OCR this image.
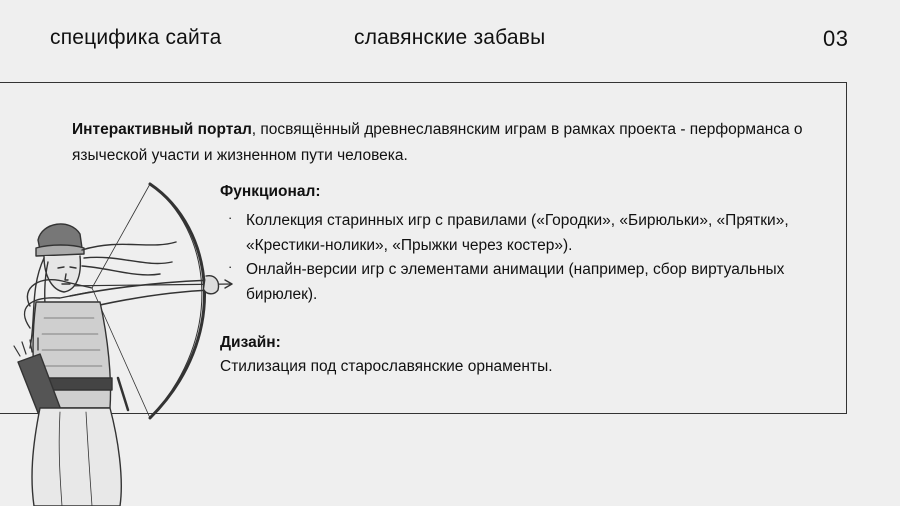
специфика сайта	славянские забавы	03
Интерактивный портал, посвящённый древнеславянским играм в рамках проекта - перформанса о языческой участи и жизненном пути человека.
Функционал:
· Коллекция старинных игр с правилами («Городки», «Бирюльки», «Прятки», «Крестики-нолики», «Прыжки через костер»).
· Онлайн-версии игр с элементами анимации (например, сбор виртуальных бирюлек).
Дизайн:
Стилизация под старославянские орнаменты.
